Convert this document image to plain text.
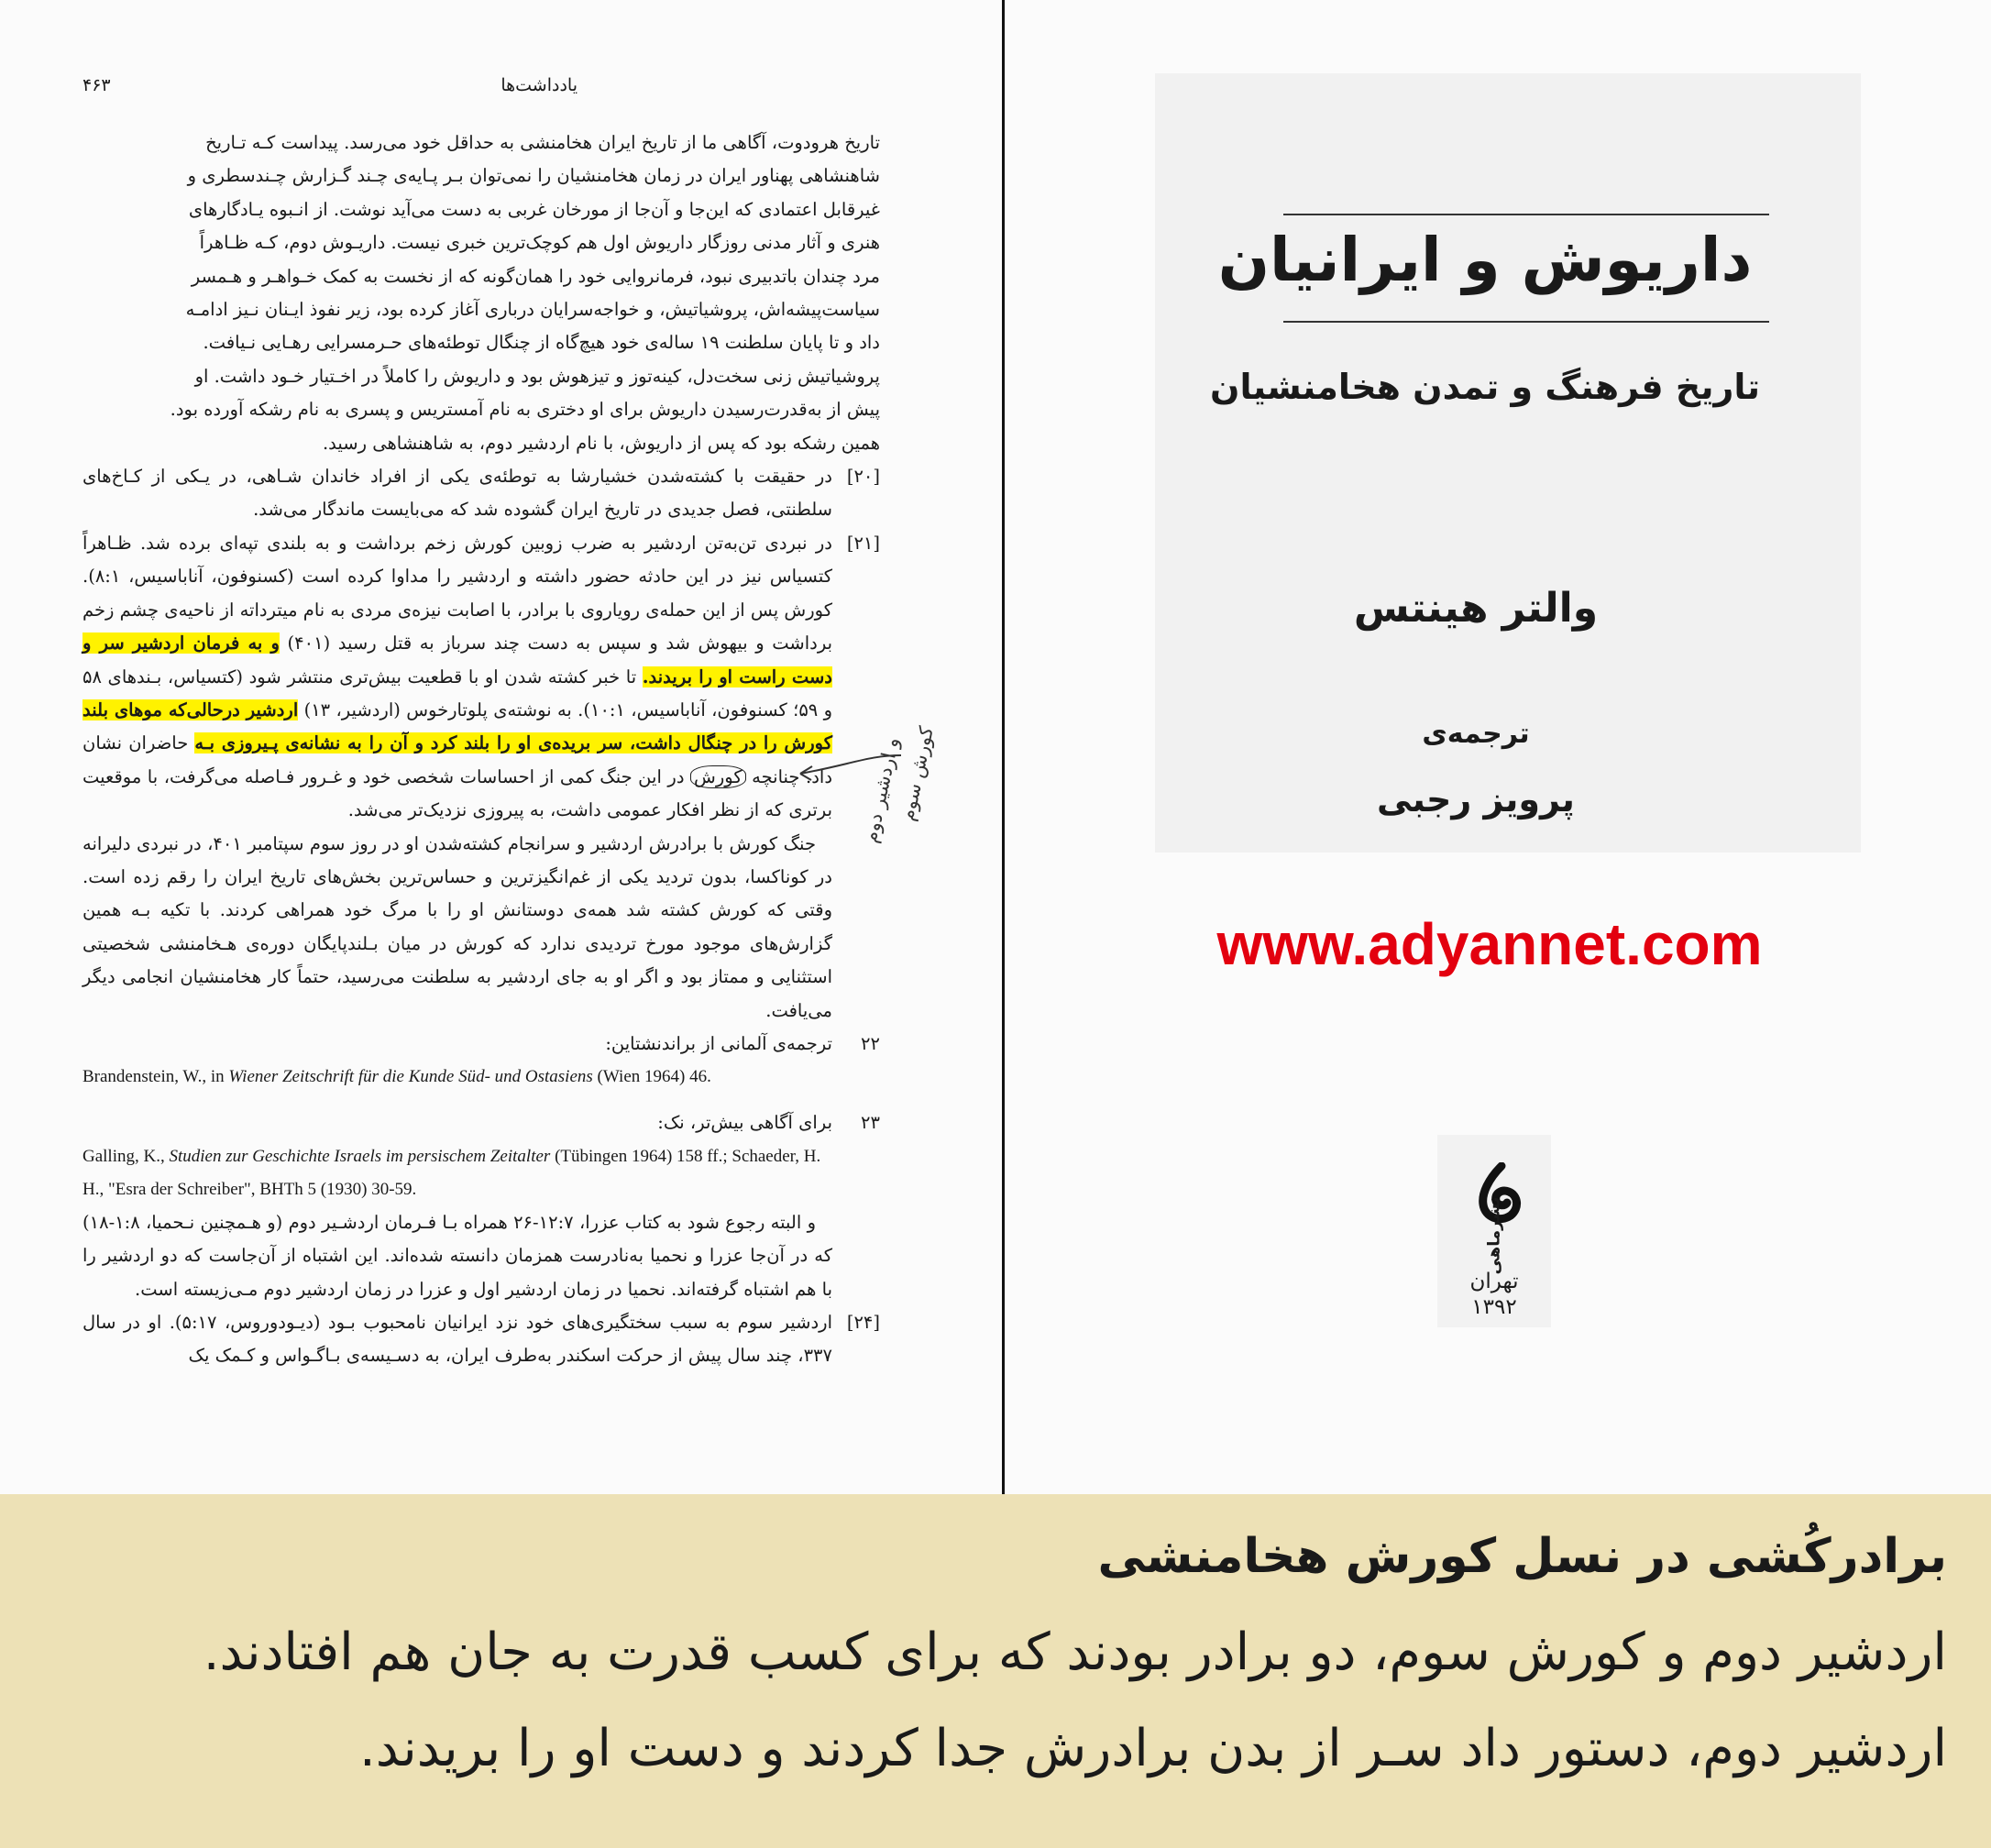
یادداشت‌ها
۴۶۳

تاریخ هرودوت، آگاهی ما از تاریخ ایران هخامنشی به حداقل خود می‌رسد. پیداست کـه تـاریخ

شاهنشاهی پهناور ایران در زمان هخامنشیان را نمی‌توان بـر پـایه‌ی چـند گـزارش چـندسطری و

غیرقابل اعتمادی که این‌جا و آن‌جا از مورخان غربی به دست می‌آید نوشت. از انـبوه یـادگارهای

هنری و آثار مدنی روزگار داریوش اول هم کوچک‌ترین خبری نیست. داریـوش دوم، کـه ظـاهراً

مرد چندان باتدبیری نبود، فرمانروایی خود را همان‌گونه که از نخست به کمک خـواهـر و هـمسر

سیاست‌پیشه‌اش، پروشیاتیش، و خواجه‌سرایان درباری آغاز کرده بود، زیر نفوذ ایـنان نـیز ادامـه

داد و تا پایان سلطنت ۱۹ ساله‌ی خود هیچ‌گاه از چنگال توطئه‌های حـرمسرایی رهـایی نـیافت.

پروشیاتیش زنی سخت‌دل، کینه‌توز و تیزهوش بود و داریوش را کاملاً در اخـتیار خـود داشت. او

پیش از به‌قدرت‌رسیدن داریوش برای او دختری به نام آمستریس و پسری به نام رشکه آورده بود.

همین رشکه بود که پس از داریوش، با نام اردشیر دوم، به شاهنشاهی رسید.

[۲۰]
در حقیقت با کشته‌شدن خشیارشا به توطئه‌ی یکی از افراد خاندان شـاهی، در یـکی از کـاخ‌های سلطنتی، فصل جدیدی در تاریخ ایران گشوده شد که می‌بایست ماندگار می‌شد.
[۲۱]
در نبردی تن‌به‌تن اردشیر به ضرب زوبین کورش زخم برداشت و به بلندی تپه‌ای برده شد. ظـاهراً کتسیاس نیز در این حادثه حضور داشته و اردشیر را مداوا کرده است (کسنوفون، آناباسیس، ۸:۱). کورش پس از این حمله‌ی رویاروی با برادر، با اصابت نیزه‌ی مردی به نام میترداته از ناحیه‌ی چشم زخم برداشت و بیهوش شد و سپس به دست چند سرباز به قتل رسید (۴۰۱) و به فرمان اردشیر سر و دست راست او را بریدند. تا خبر کشته شدن او با قطعیت بیش‌تری منتشر شود (کتسیاس، بـندهای ۵۸ و ۵۹؛ کسنوفون، آناباسیس، ۱۰:۱). به نوشته‌ی پلوتارخوس (اردشیر، ۱۳) اردشیر درحالی‌که موهای بلند کورش را در چنگال داشت، سر بریده‌ی او را بلند کرد و آن را به نشانه‌ی پـیروزی بـه حاضران نشان داد. چنانچه کورش در این جنگ کمی از احساسات شخصی خود و غـرور فـاصله می‌گرفت، با موقعیت برتری که از نظر افکار عمومی داشت، به پیروزی نزدیک‌تر می‌شد.

جنگ کورش با برادرش اردشیر و سرانجام کشته‌شدن او در روز سوم سپتامبر ۴۰۱، در نبردی دلیرانه در کوناکسا، بدون تردید یکی از غم‌انگیزترین و حساس‌ترین بخش‌های تاریخ ایران را رقم زده است. وقتی که کورش کشته شد همه‌ی دوستانش او را با مرگ خود همراهی کردند. با تکیه بـه همین گزارش‌های موجود مورخ تردیدی ندارد که کورش در میان بـلندپایگان دوره‌ی هـخامنشی شخصیتی استثنایی و ممتاز بود و اگر او به جای اردشیر به سلطنت می‌رسید، حتماً کار هخامنشیان انجامی دیگر می‌یافت.

۲۲
ترجمه‌ی آلمانی از براندنشتاین:

Brandenstein, W., in Wiener Zeitschrift für die Kunde Süd- und Ostasiens (Wien 1964) 46.

۲۳
برای آگاهی بیش‌تر، نک:

Galling, K., Studien zur Geschichte Israels im persischem Zeitalter (Tübingen 1964) 158 ff.; Schaeder, H. H., "Esra der Schreiber", BHTh 5 (1930) 30-59.

و البته رجوع شود به کتاب عزرا، ۱۲:۷-۲۶ همراه بـا فـرمان اردشـیر دوم (و هـمچنین نـحمیا، ۱:۸-۱۸) که در آن‌جا عزرا و نحمیا به‌نادرست همزمان دانسته شده‌اند. این اشتباه از آن‌جاست که دو اردشیر را با هم اشتباه گرفته‌اند. نحمیا در زمان اردشیر اول و عزرا در زمان اردشیر دوم مـی‌زیسته است.

[۲۴]
اردشیر سوم به سبب سختگیری‌های خود نزد ایرانیان نامحبوب بـود (دیـودوروس، ۵:۱۷). او در سال ۳۳۷، چند سال پیش از حرکت اسکندر به‌طرف ایران، به دسـیسه‌ی بـاگـواس و کـمک یک
کورش سوم
و اردشیر دوم
داریوش و ایرانیان
تاریخ فرهنگ و تمدن هخامنشیان
والتر هینتس
ترجمه‌ی
پرویز رجبی
www.adyannet.com
نشرماهی
تهران
۱۳۹۲
برادرکُشی در نسل کورش هخامنشی
اردشیر دوم و کورش سوم، دو برادر بودند که برای کسب قدرت به جان هم افتادند.
اردشیر دوم، دستور داد سـر از بدن برادرش جدا کردند و دست او را بریدند.
